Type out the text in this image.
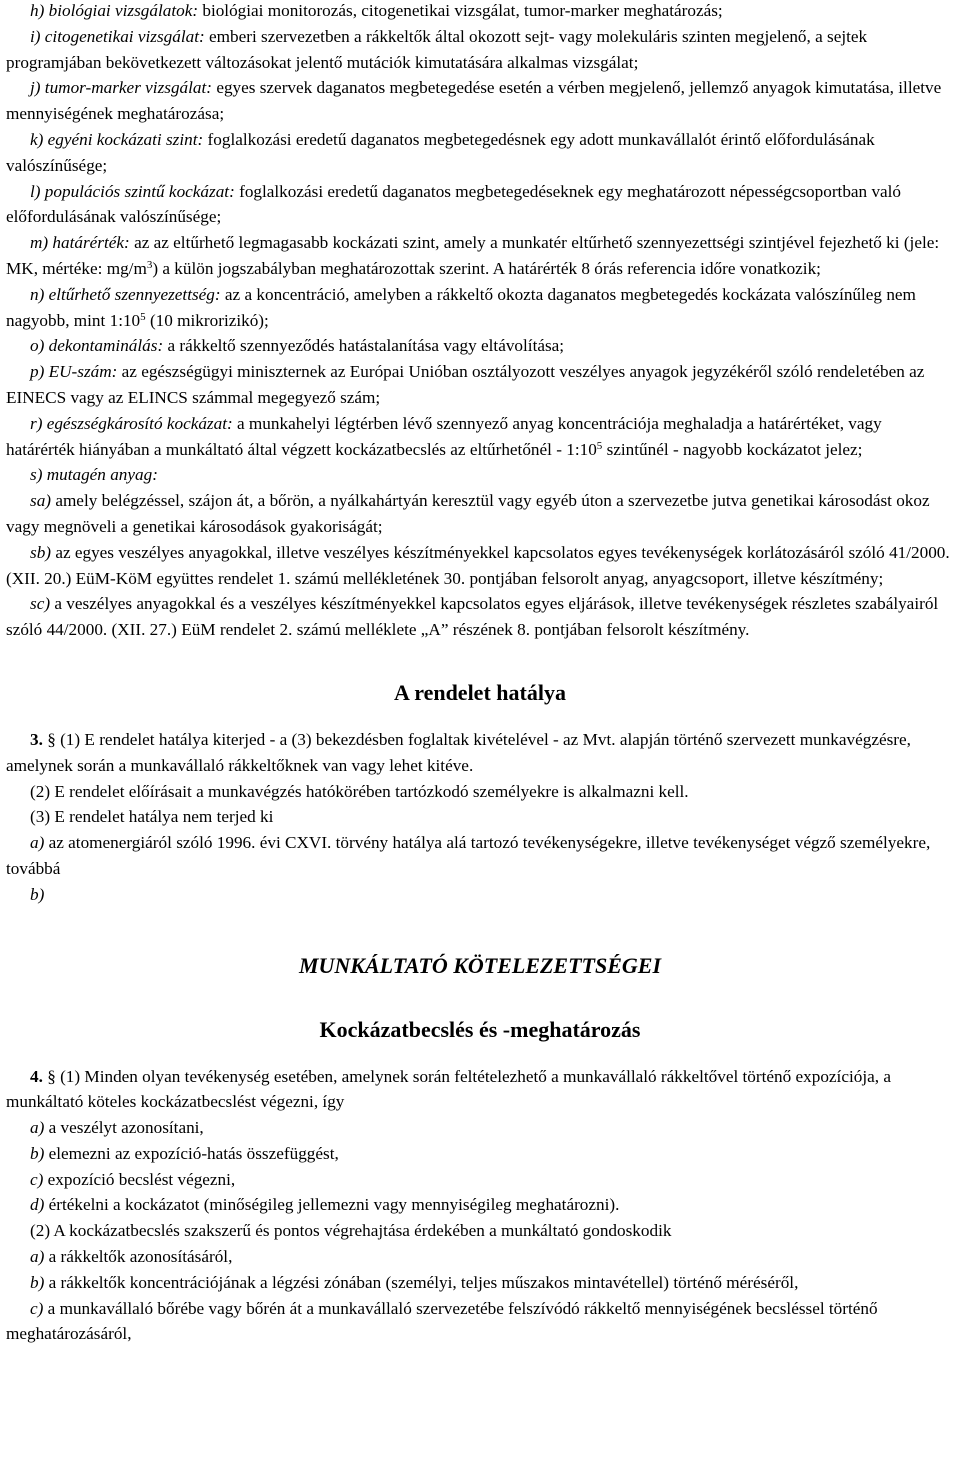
h) biológiai vizsgálatok: biológiai monitorozás, citogenetikai vizsgálat, tumor-marker meghatározás;

i) citogenetikai vizsgálat: emberi szervezetben a rákkeltők által okozott sejt- vagy molekuláris szinten megjelenő, a sejtek programjában bekövetkezett változásokat jelentő mutációk kimutatására alkalmas vizsgálat;

j) tumor-marker vizsgálat: egyes szervek daganatos megbetegedése esetén a vérben megjelenő, jellemző anyagok kimutatása, illetve mennyiségének meghatározása;

k) egyéni kockázati szint: foglalkozási eredetű daganatos megbetegedésnek egy adott munkavállalót érintő előfordulásának valószínűsége;

l) populációs szintű kockázat: foglalkozási eredetű daganatos megbetegedéseknek egy meghatározott népességcsoportban való előfordulásának valószínűsége;

m) határérték: az az eltűrhető legmagasabb kockázati szint, amely a munkatér eltűrhető szennyezettségi szintjével fejezhető ki (jele: MK, mértéke: $mg/m^3$) a külön jogszabályban meghatározottak szerint. A határérték 8 órás referencia időre vonatkozik;

n) eltűrhető szennyezettség: az a koncentráció, amelyben a rákkeltő okozta daganatos megbetegedés kockázata valószínűleg nem nagyobb, mint $1:10^5$ (10 mikrorizikó);

o) dekontaminálás: a rákkeltő szennyeződés hatástalanítása vagy eltávolítása;

p) EU-szám: az egészségügyi miniszternek az Európai Unióban osztályozott veszélyes anyagok jegyzékéről szóló rendeletében az EINECS vagy az ELINCS számmal megegyező szám;

r) egészségkárosító kockázat: a munkahelyi légtérben lévő szennyező anyag koncentrációja meghaladja a határértéket, vagy határérték hiányában a munkáltató által végzett kockázatbecslés az eltűrhetőnél - $1:10^5$ szintűnél - nagyobb kockázatot jelez;

s) mutagén anyag:

sa) amely belégzéssel, szájon át, a bőrön, a nyálkahártyán keresztül vagy egyéb úton a szervezetbe jutva genetikai károsodást okoz vagy megnöveli a genetikai károsodások gyakoriságát;

sb) az egyes veszélyes anyagokkal, illetve veszélyes készítményekkel kapcsolatos egyes tevékenységek korlátozásáról szóló 41/2000. (XII. 20.) EüM-KöM együttes rendelet 1. számú mellékletének 30. pontjában felsorolt anyag, anyagcsoport, illetve készítmény;

sc) a veszélyes anyagokkal és a veszélyes készítményekkel kapcsolatos egyes eljárások, illetve tevékenységek részletes szabályairól szóló 44/2000. (XII. 27.) EüM rendelet 2. számú melléklete „A” részének 8. pontjában felsorolt készítmény.

A rendelet hatálya

3. § (1) E rendelet hatálya kiterjed - a (3) bekezdésben foglaltak kivételével - az Mvt. alapján történő szervezett munkavégzésre, amelynek során a munkavállaló rákkeltőknek van vagy lehet kitéve.

(2) E rendelet előírásait a munkavégzés hatókörében tartózkodó személyekre is alkalmazni kell.

(3) E rendelet hatálya nem terjed ki

a) az atomenergiáról szóló 1996. évi CXVI. törvény hatálya alá tartozó tevékenységekre, illetve tevékenységet végző személyekre, továbbá

b)

MUNKÁLTATÓ KÖTELEZETTSÉGEI
Kockázatbecslés és -meghatározás

4. § (1) Minden olyan tevékenység esetében, amelynek során feltételezhető a munkavállaló rákkeltővel történő expozíciója, a munkáltató köteles kockázatbecslést végezni, így

a) a veszélyt azonosítani,

b) elemezni az expozíció-hatás összefüggést,

c) expozíció becslést végezni,

d) értékelni a kockázatot (minőségileg jellemezni vagy mennyiségileg meghatározni).

(2) A kockázatbecslés szakszerű és pontos végrehajtása érdekében a munkáltató gondoskodik

a) a rákkeltők azonosításáról,

b) a rákkeltők koncentrációjának a légzési zónában (személyi, teljes műszakos mintavétellel) történő méréséről,

c) a munkavállaló bőrébe vagy bőrén át a munkavállaló szervezetébe felszívódó rákkeltő mennyiségének becsléssel történő meghatározásáról,
